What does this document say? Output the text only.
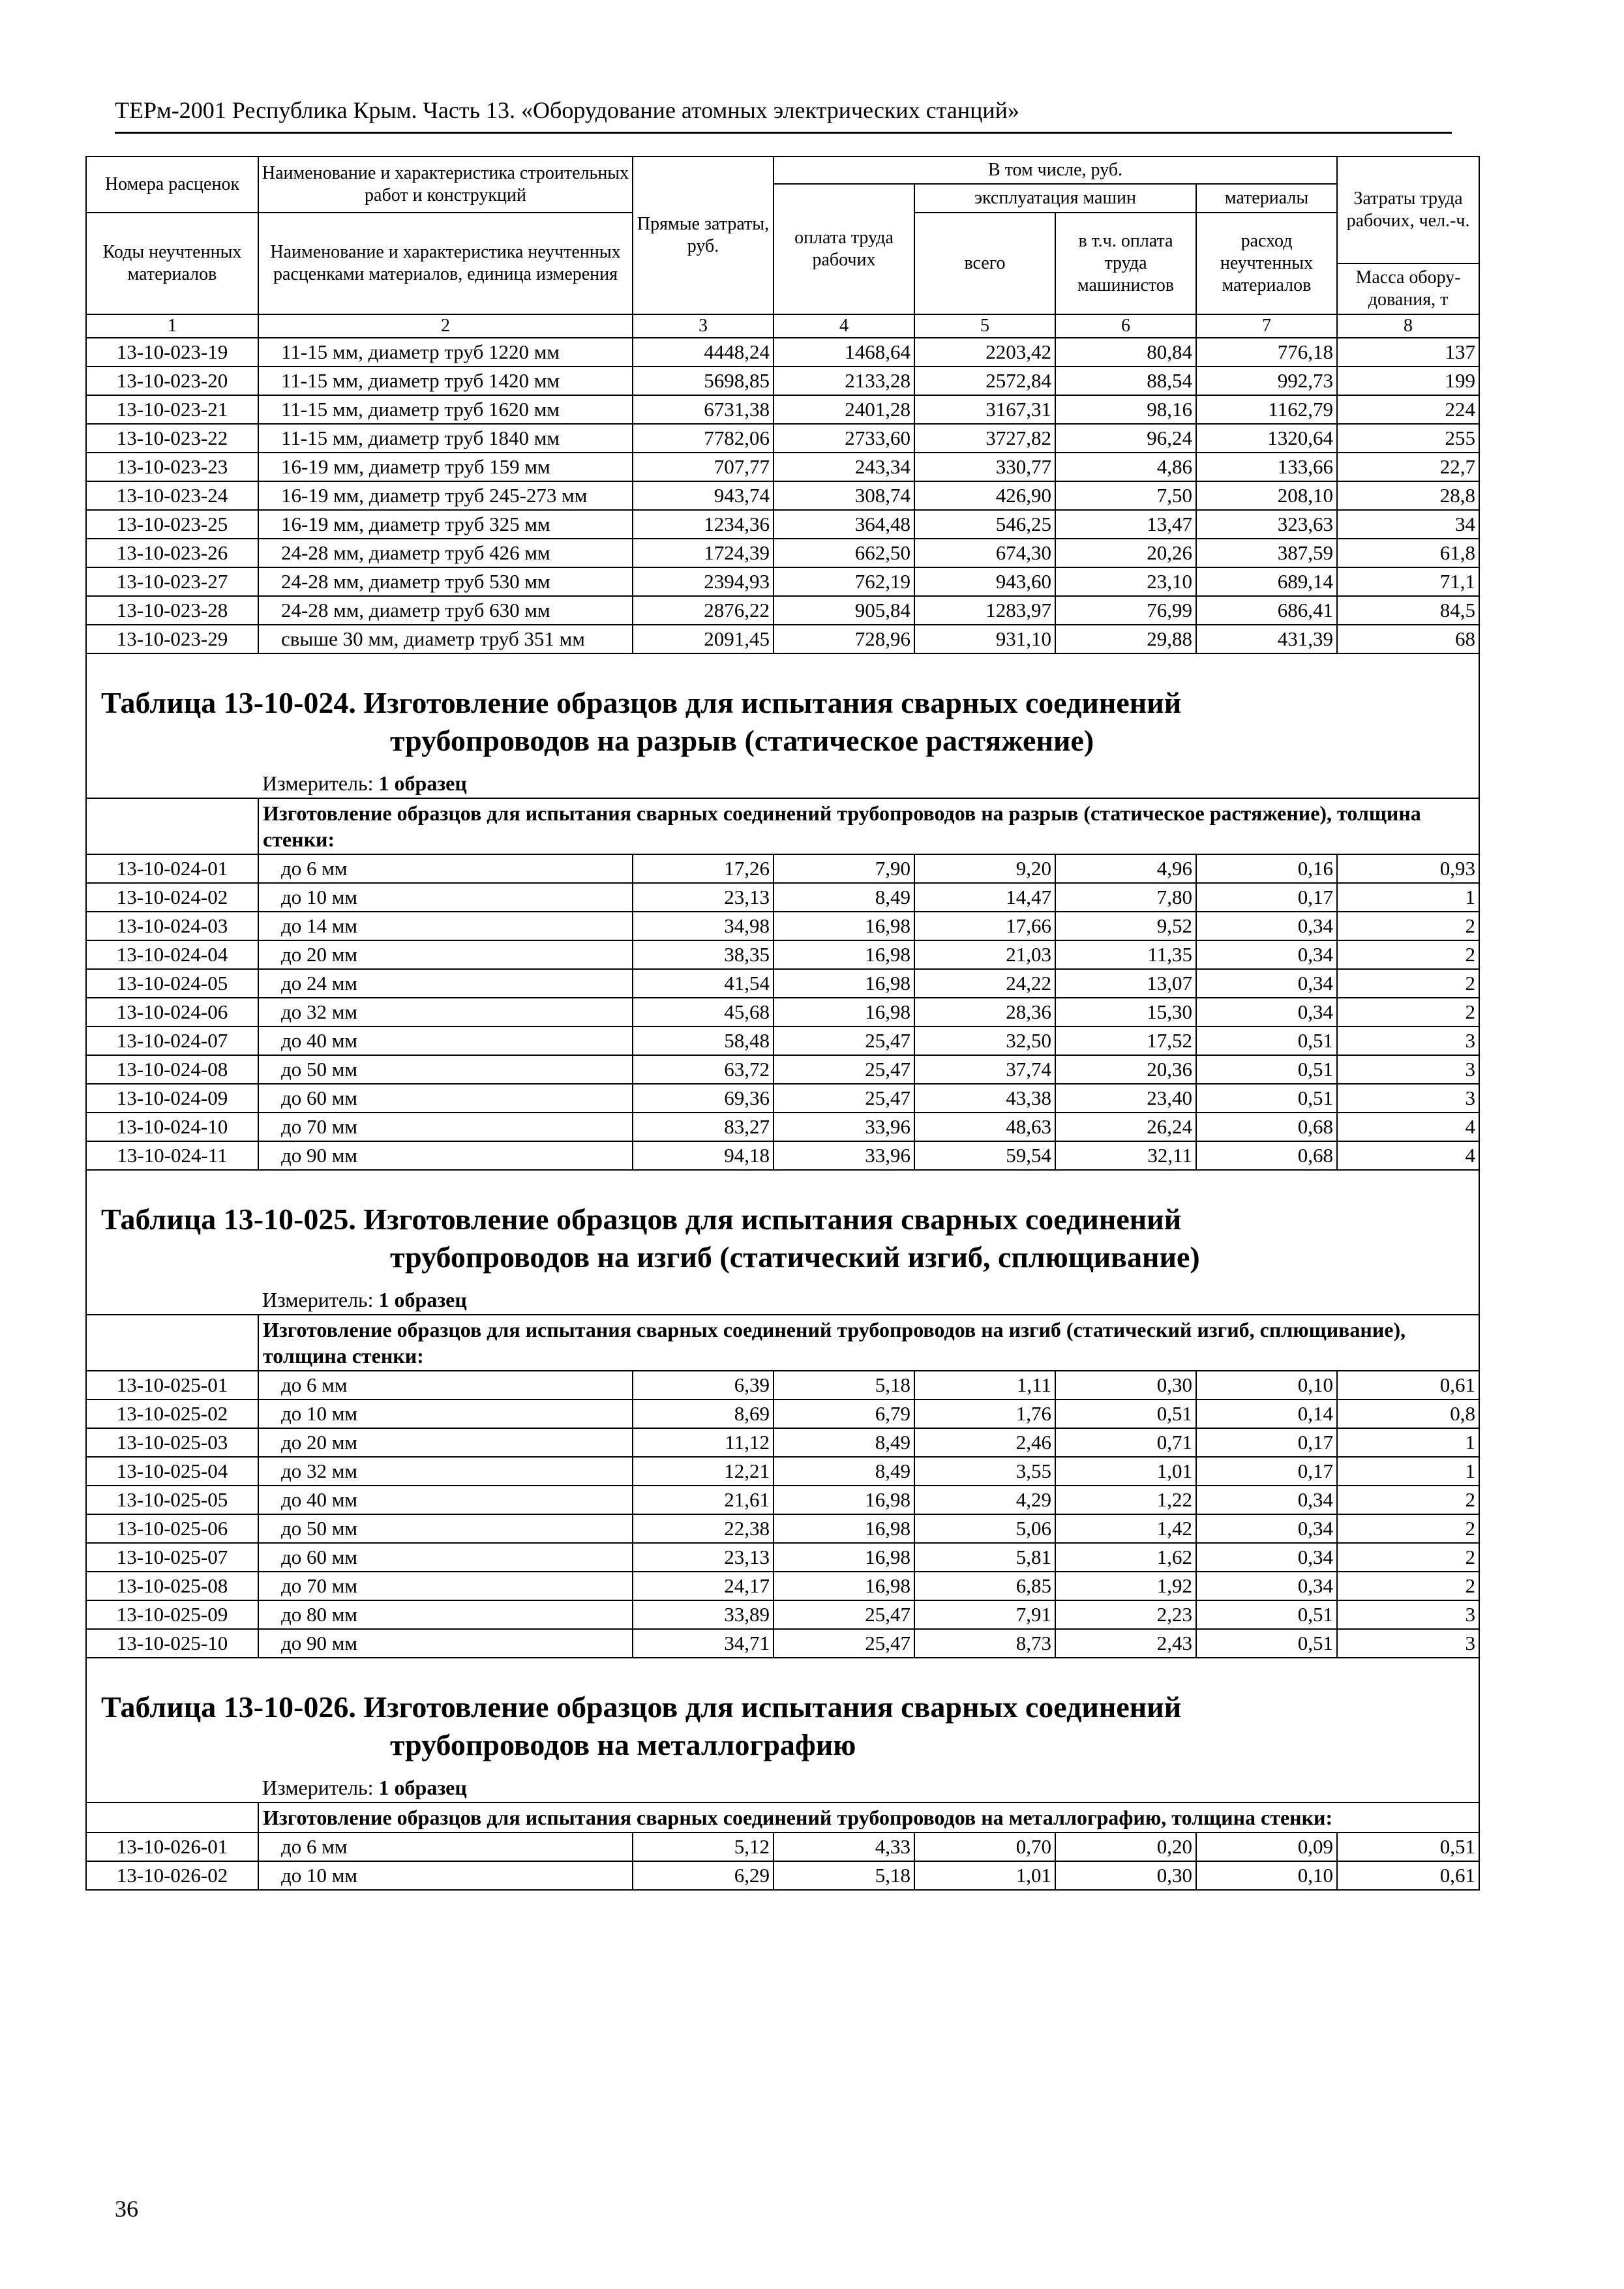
ТЕРм-2001 Республика Крым. Часть 13. «Оборудование атомных электрических станций»
Номера расценок	Наименование и характеристика строительных работ и конструкций	Прямые затраты, руб.	В том числе, руб.				Затраты труда рабочих, чел.-ч.
			оплата труда рабочих	эксплуатация машин		материалы	
Коды неучтенных материалов	Наименование и характеристика неучтенных расценками материалов, единица измерения			всего	в т.ч. оплата труда машинистов	расход неучтенных материалов	
							Масса обору-дования, т
1	2	3	4	5	6	7	8
13-10-023-19	11-15 мм, диаметр труб 1220 мм	4448,24	1468,64	2203,42	80,84	776,18	137
13-10-023-20	11-15 мм, диаметр труб 1420 мм	5698,85	2133,28	2572,84	88,54	992,73	199
13-10-023-21	11-15 мм, диаметр труб 1620 мм	6731,38	2401,28	3167,31	98,16	1162,79	224
13-10-023-22	11-15 мм, диаметр труб 1840 мм	7782,06	2733,60	3727,82	96,24	1320,64	255
13-10-023-23	16-19 мм, диаметр труб 159 мм	707,77	243,34	330,77	4,86	133,66	22,7
13-10-023-24	16-19 мм, диаметр труб 245-273 мм	943,74	308,74	426,90	7,50	208,10	28,8
13-10-023-25	16-19 мм, диаметр труб 325 мм	1234,36	364,48	546,25	13,47	323,63	34
13-10-023-26	24-28 мм, диаметр труб 426 мм	1724,39	662,50	674,30	20,26	387,59	61,8
13-10-023-27	24-28 мм, диаметр труб 530 мм	2394,93	762,19	943,60	23,10	689,14	71,1
13-10-023-28	24-28 мм, диаметр труб 630 мм	2876,22	905,84	1283,97	76,99	686,41	84,5
13-10-023-29	свыше 30 мм, диаметр труб 351 мм	2091,45	728,96	931,10	29,88	431,39	68
Таблица 13-10-024. Изготовление образцов для испытания сварных соединений
трубопроводов на разрыв (статическое растяжение)							
	Измеритель: 1 образец						
	Изготовление образцов для испытания сварных соединений трубопроводов на разрыв (статическое растяжение), толщина стенки:						
13-10-024-01	до 6 мм	17,26	7,90	9,20	4,96	0,16	0,93
13-10-024-02	до 10 мм	23,13	8,49	14,47	7,80	0,17	1
13-10-024-03	до 14 мм	34,98	16,98	17,66	9,52	0,34	2
13-10-024-04	до 20 мм	38,35	16,98	21,03	11,35	0,34	2
13-10-024-05	до 24 мм	41,54	16,98	24,22	13,07	0,34	2
13-10-024-06	до 32 мм	45,68	16,98	28,36	15,30	0,34	2
13-10-024-07	до 40 мм	58,48	25,47	32,50	17,52	0,51	3
13-10-024-08	до 50 мм	63,72	25,47	37,74	20,36	0,51	3
13-10-024-09	до 60 мм	69,36	25,47	43,38	23,40	0,51	3
13-10-024-10	до 70 мм	83,27	33,96	48,63	26,24	0,68	4
13-10-024-11	до 90 мм	94,18	33,96	59,54	32,11	0,68	4
Таблица 13-10-025. Изготовление образцов для испытания сварных соединений
трубопроводов на изгиб (статический изгиб, сплющивание)							
	Измеритель: 1 образец						
	Изготовление образцов для испытания сварных соединений трубопроводов на изгиб (статический изгиб, сплющивание), толщина стенки:						
13-10-025-01	до 6 мм	6,39	5,18	1,11	0,30	0,10	0,61
13-10-025-02	до 10 мм	8,69	6,79	1,76	0,51	0,14	0,8
13-10-025-03	до 20 мм	11,12	8,49	2,46	0,71	0,17	1
13-10-025-04	до 32 мм	12,21	8,49	3,55	1,01	0,17	1
13-10-025-05	до 40 мм	21,61	16,98	4,29	1,22	0,34	2
13-10-025-06	до 50 мм	22,38	16,98	5,06	1,42	0,34	2
13-10-025-07	до 60 мм	23,13	16,98	5,81	1,62	0,34	2
13-10-025-08	до 70 мм	24,17	16,98	6,85	1,92	0,34	2
13-10-025-09	до 80 мм	33,89	25,47	7,91	2,23	0,51	3
13-10-025-10	до 90 мм	34,71	25,47	8,73	2,43	0,51	3
Таблица 13-10-026. Изготовление образцов для испытания сварных соединений
трубопроводов на металлографию							
	Измеритель: 1 образец						
	Изготовление образцов для испытания сварных соединений трубопроводов на металлографию, толщина стенки:						
13-10-026-01	до 6 мм	5,12	4,33	0,70	0,20	0,09	0,51
13-10-026-02	до 10 мм	6,29	5,18	1,01	0,30	0,10	0,61
36
